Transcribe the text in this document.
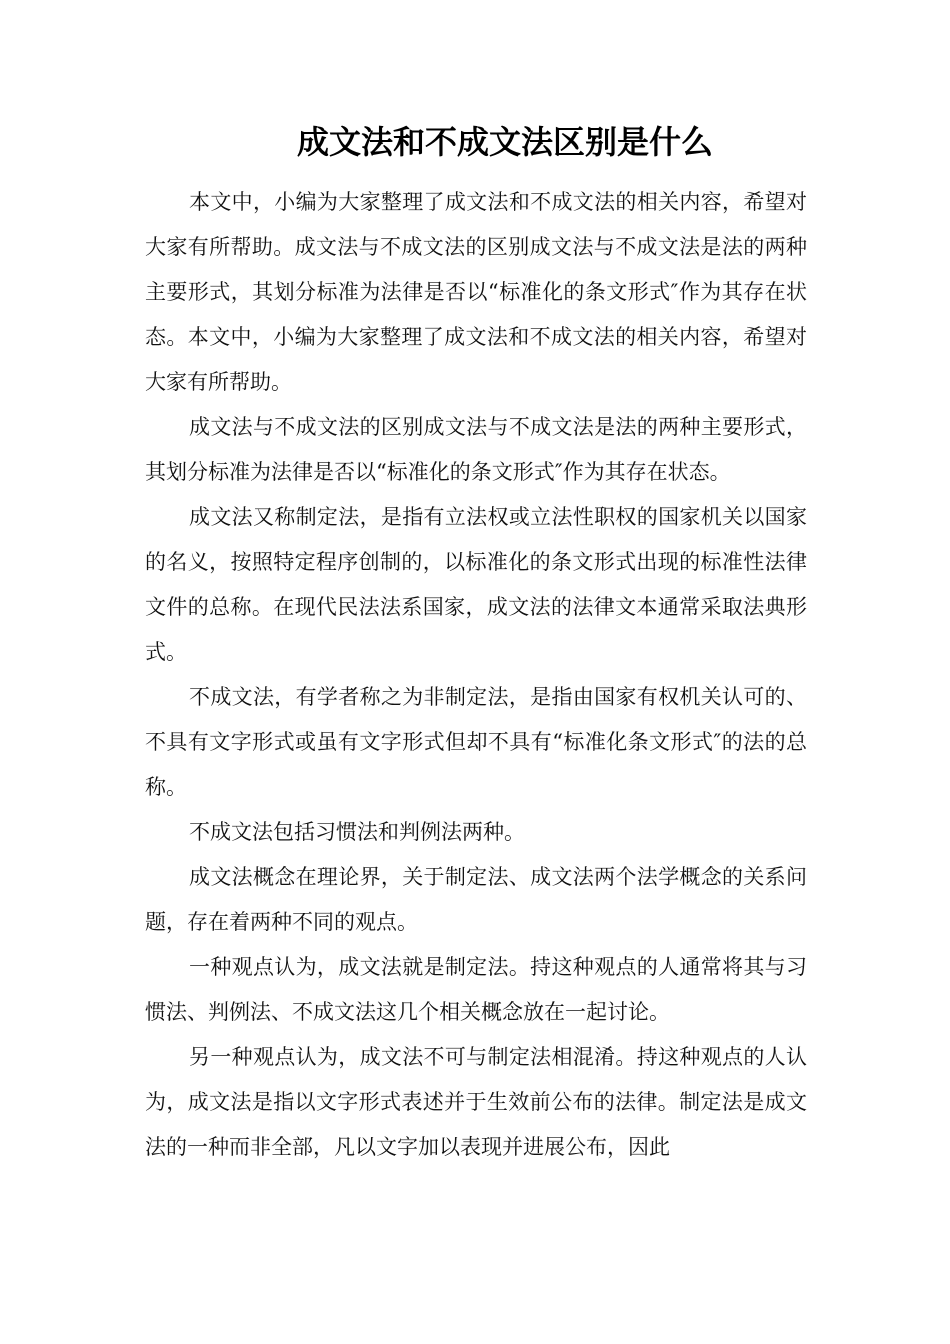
成文法和不成文法区别是什么

本文中，小编为大家整理了成文法和不成文法的相关内容，希望对大家有所帮助。成文法与不成文法的区别成文法与不成文法是法的两种主要形式，其划分标准为法律是否以“标准化的条文形式″作为其存在状态。本文中，小编为大家整理了成文法和不成文法的相关内容，希望对大家有所帮助。

成文法与不成文法的区别成文法与不成文法是法的两种主要形式，其划分标准为法律是否以“标准化的条文形式″作为其存在状态。

成文法又称制定法，是指有立法权或立法性职权的国家机关以国家的名义，按照特定程序创制的，以标准化的条文形式出现的标准性法律文件的总称。在现代民法法系国家，成文法的法律文本通常采取法典形式。

不成文法，有学者称之为非制定法，是指由国家有权机关认可的、不具有文字形式或虽有文字形式但却不具有“标准化条文形式″的法的总称。

不成文法包括习惯法和判例法两种。

成文法概念在理论界，关于制定法、成文法两个法学概念的关系问题，存在着两种不同的观点。

一种观点认为，成文法就是制定法。持这种观点的人通常将其与习惯法、判例法、不成文法这几个相关概念放在一起讨论。

另一种观点认为，成文法不可与制定法相混淆。持这种观点的人认为，成文法是指以文字形式表述并于生效前公布的法律。制定法是成文法的一种而非全部，凡以文字加以表现并进展公布，因此
